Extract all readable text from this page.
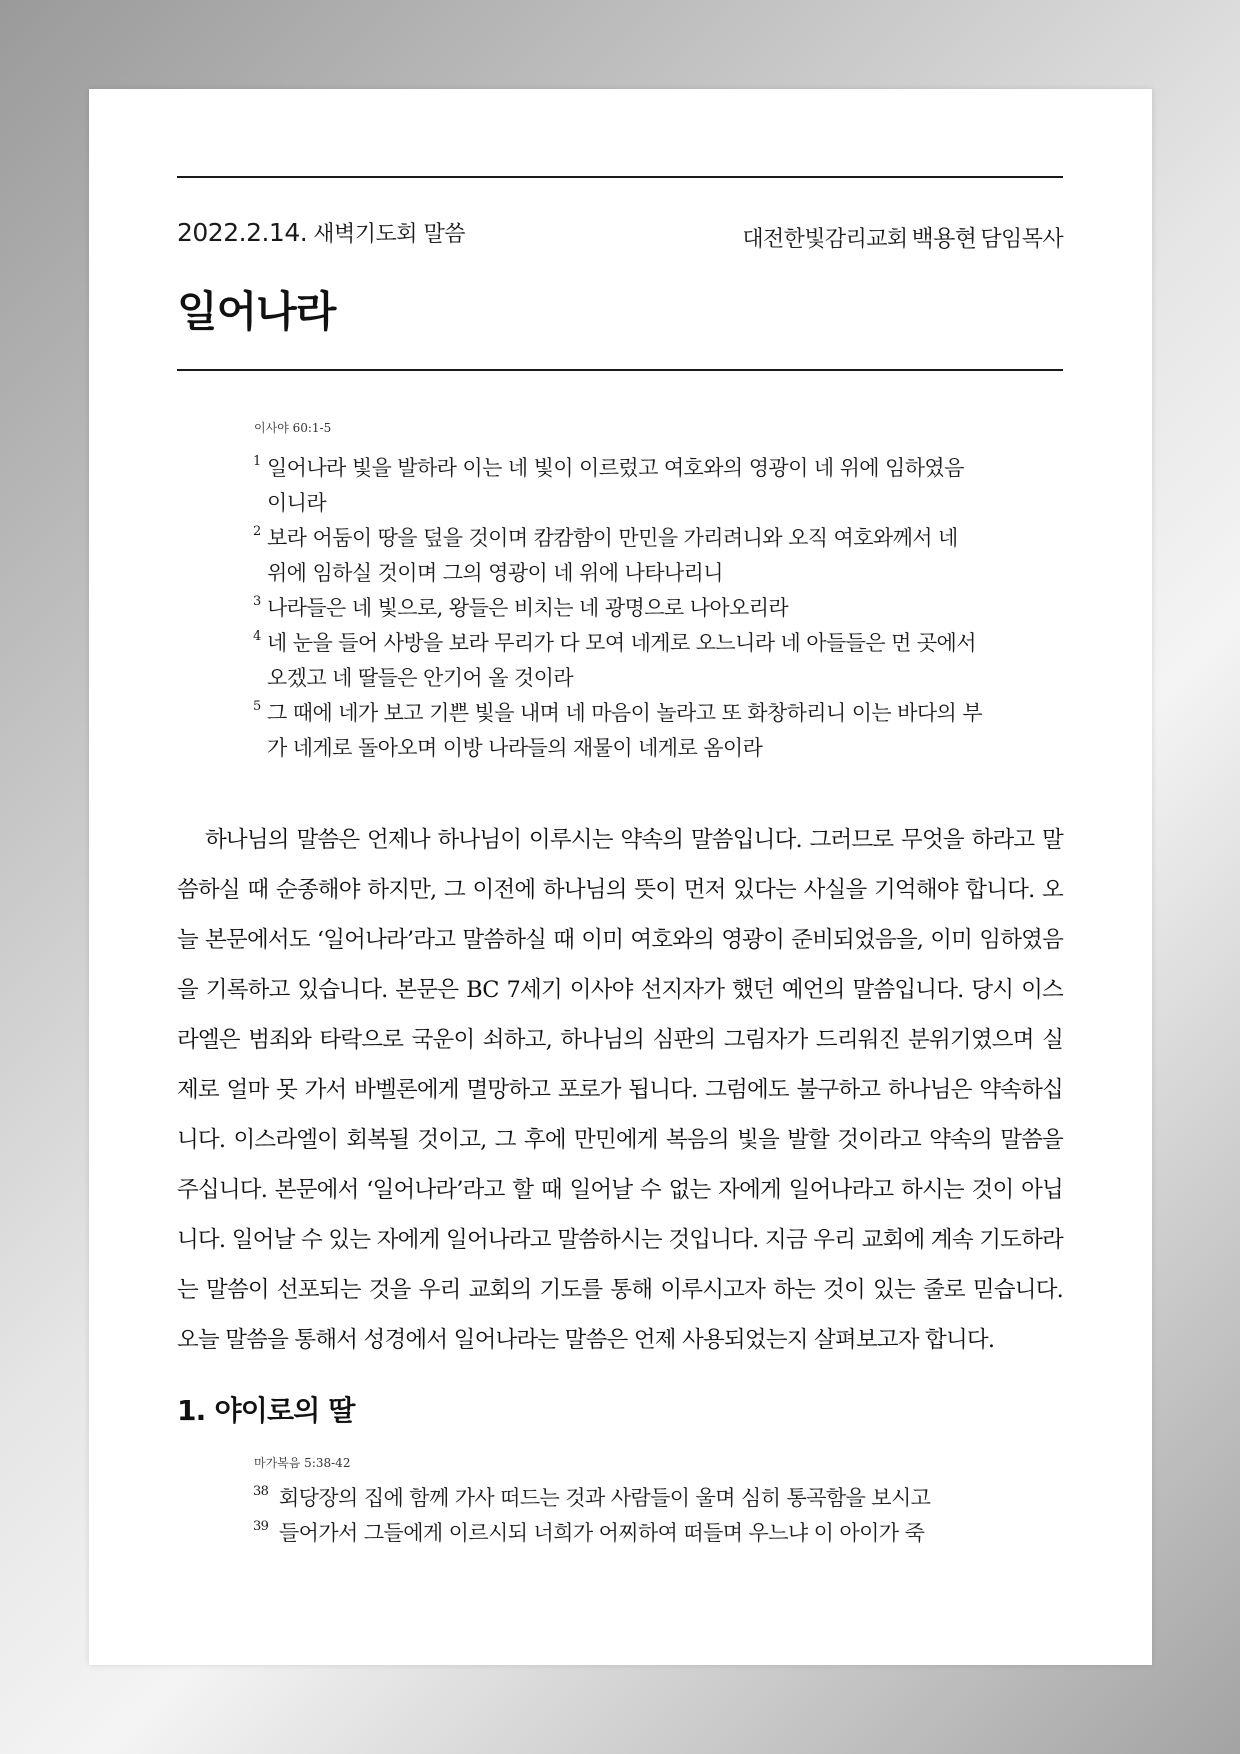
2022.2.14. 새벽기도회 말씀	대전한빛감리교회 백용현 담임목사
일어나라
이사야 60:1-5
1 일어나라 빛을 발하라 이는 네 빛이 이르렀고 여호와의 영광이 네 위에 임하였음이니라
2 보라 어둠이 땅을 덮을 것이며 캄캄함이 만민을 가리려니와 오직 여호와께서 네 위에 임하실 것이며 그의 영광이 네 위에 나타나리니
3 나라들은 네 빛으로, 왕들은 비치는 네 광명으로 나아오리라
4 네 눈을 들어 사방을 보라 무리가 다 모여 네게로 오느니라 네 아들들은 먼 곳에서 오겠고 네 딸들은 안기어 올 것이라
5 그 때에 네가 보고 기쁜 빛을 내며 네 마음이 놀라고 또 화창하리니 이는 바다의 부가 네게로 돌아오며 이방 나라들의 재물이 네게로 옴이라

하나님의 말씀은 언제나 하나님이 이루시는 약속의 말씀입니다. 그러므로 무엇을 하라고 말씀하실 때 순종해야 하지만, 그 이전에 하나님의 뜻이 먼저 있다는 사실을 기억해야 합니다. 오늘 본문에서도 ‘일어나라’라고 말씀하실 때 이미 여호와의 영광이 준비되었음을, 이미 임하였음을 기록하고 있습니다. 본문은 BC 7세기 이사야 선지자가 했던 예언의 말씀입니다. 당시 이스라엘은 범죄와 타락으로 국운이 쇠하고, 하나님의 심판의 그림자가 드리워진 분위기였으며 실제로 얼마 못 가서 바벨론에게 멸망하고 포로가 됩니다. 그럼에도 불구하고 하나님은 약속하십니다. 이스라엘이 회복될 것이고, 그 후에 만민에게 복음의 빛을 발할 것이라고 약속의 말씀을 주십니다. 본문에서 ‘일어나라’라고 할 때 일어날 수 없는 자에게 일어나라고 하시는 것이 아닙니다. 일어날 수 있는 자에게 일어나라고 말씀하시는 것입니다. 지금 우리 교회에 계속 기도하라는 말씀이 선포되는 것을 우리 교회의 기도를 통해 이루시고자 하는 것이 있는 줄로 믿습니다. 오늘 말씀을 통해서 성경에서 일어나라는 말씀은 언제 사용되었는지 살펴보고자 합니다.

1. 야이로의 딸
마가복음 5:38-42
38 회당장의 집에 함께 가사 떠드는 것과 사람들이 울며 심히 통곡함을 보시고
39 들어가서 그들에게 이르시되 너희가 어찌하여 떠들며 우느냐 이 아이가 죽
